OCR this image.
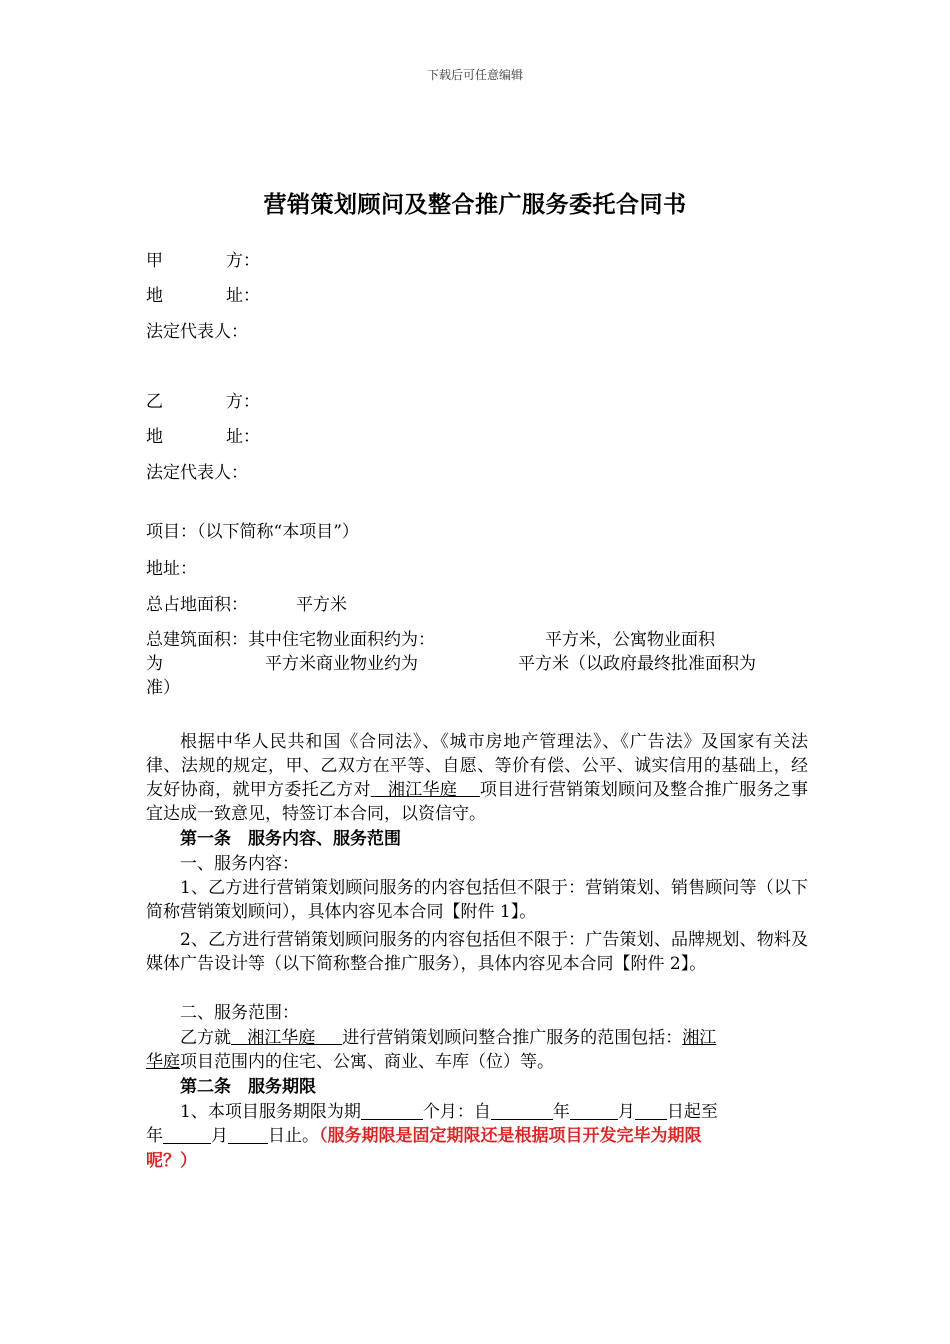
下载后可任意编辑
营销策划顾问及整合推广服务委托合同书
甲	方：
地	址：
法定代表人：
乙	方：
地	址：
法定代表人：
项目：（以下简称“本项目”）
地址：
总占地面积：	平方米
总建筑面积：其中住宅物业面积约为：	平方米，公寓物业面积
为	平方米商业物业约为	平方米（以政府最终批准面积为
准）
根据中华人民共和国《合同法》、《城市房地产管理法》、《广告法》及国家有关法律、法规的规定，甲、乙双方在平等、自愿、等价有偿、公平、诚实信用的基础上，经友好协商，就甲方委托乙方对 湘江华庭 项目进行营销策划顾问及整合推广服务之事宜达成一致意见，特签订本合同，以资信守。
第一条　服务内容、服务范围
一、服务内容：
1、乙方进行营销策划顾问服务的内容包括但不限于：营销策划、销售顾问等（以下简称营销策划顾问），具体内容见本合同【附件 1】。
2、乙方进行营销策划顾问服务的内容包括但不限于：广告策划、品牌规划、物料及媒体广告设计等（以下简称整合推广服务），具体内容见本合同【附件 2】。
二、服务范围：
乙方就 湘江华庭 进行营销策划顾问整合推广服务的范围包括：湘江
华庭项目范围内的住宅、公寓、商业、车库（位）等。
第二条　服务期限
1、本项目服务期限为期	个月：自	年	月 日起至
年	月 日止。（服务期限是固定期限还是根据项目开发完毕为期限
呢？）
